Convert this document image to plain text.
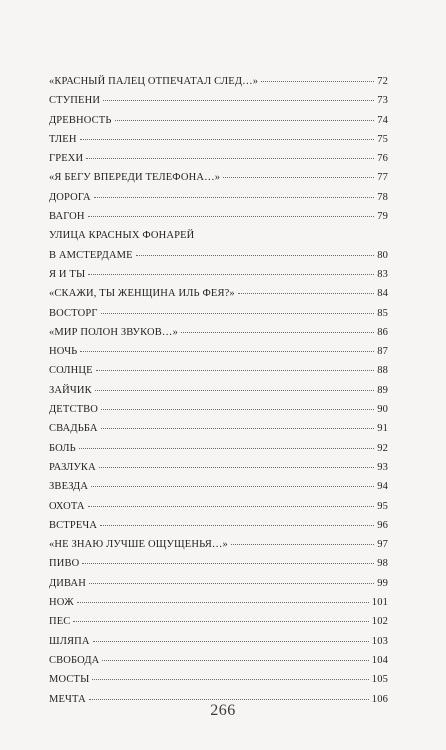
«КРАСНЫЙ ПАЛЕЦ ОТПЕЧАТАЛ СЛЕД…»	72
СТУПЕНИ	73
ДРЕВНОСТЬ	74
ТЛЕН	75
ГРЕХИ	76
«Я БЕГУ ВПЕРЕДИ ТЕЛЕФОНА…»	77
ДОРОГА	78
ВАГОН	79
УЛИЦА КРАСНЫХ ФОНАРЕЙ
В АМСТЕРДАМЕ	80
Я И ТЫ	83
«СКАЖИ, ТЫ ЖЕНЩИНА ИЛЬ ФЕЯ?»	84
ВОСТОРГ	85
«МИР ПОЛОН ЗВУКОВ…»	86
НОЧЬ	87
СОЛНЦЕ	88
ЗАЙЧИК	89
ДЕТСТВО	90
СВАДЬБА	91
БОЛЬ	92
РАЗЛУКА	93
ЗВЕЗДА	94
ОХОТА	95
ВСТРЕЧА	96
«НЕ ЗНАЮ ЛУЧШЕ ОЩУЩЕНЬЯ…»	97
ПИВО	98
ДИВАН	99
НОЖ	101
ПЕС	102
ШЛЯПА	103
СВОБОДА	104
МОСТЫ	105
МЕЧТА	106
266
